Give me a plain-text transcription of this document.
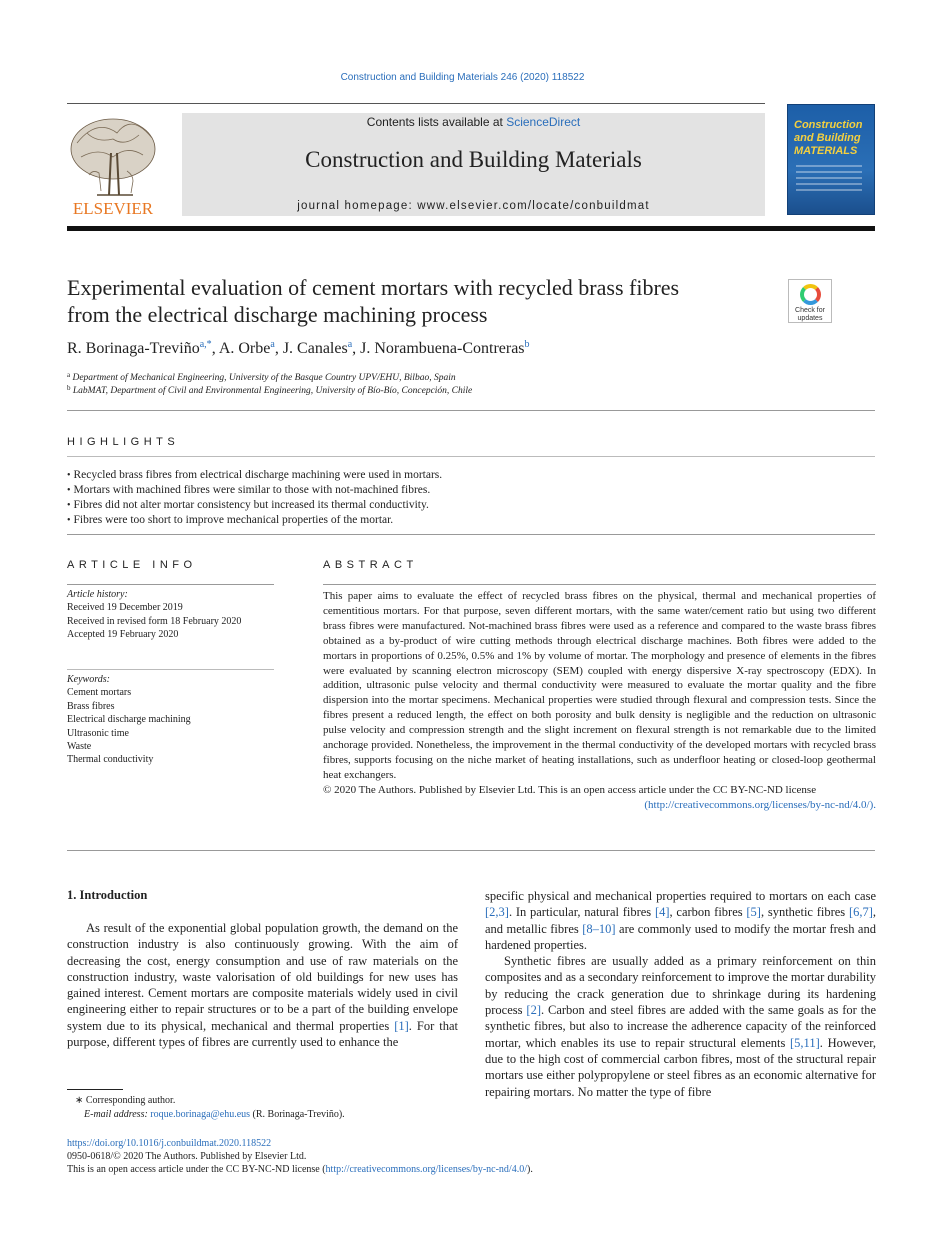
Construction and Building Materials 246 (2020) 118522
ELSEVIER
Contents lists available at ScienceDirect
Construction and Building Materials
journal homepage: www.elsevier.com/locate/conbuildmat
Construction
and Building
MATERIALS
Experimental evaluation of cement mortars with recycled brass fibres
from the electrical discharge machining process	Check for updates
R. Borinaga-Treviño$^{a,*}$, A. Orbe$^a$, J. Canales$^a$, J. Norambuena-Contreras$^b$
$^a$ Department of Mechanical Engineering, University of the Basque Country UPV/EHU, Bilbao, Spain
$^b$ LabMAT, Department of Civil and Environmental Engineering, University of Bío-Bío, Concepción, Chile
HIGHLIGHTS
• Recycled brass fibres from electrical discharge machining were used in mortars.
• Mortars with machined fibres were similar to those with not-machined fibres.
• Fibres did not alter mortar consistency but increased its thermal conductivity.
• Fibres were too short to improve mechanical properties of the mortar.
ARTICLE INFO
Article history:
Received 19 December 2019
Received in revised form 18 February 2020
Accepted 19 February 2020
Keywords:
Cement mortars
Brass fibres
Electrical discharge machining
Ultrasonic time
Waste
Thermal conductivity
ABSTRACT
This paper aims to evaluate the effect of recycled brass fibres on the physical, thermal and mechanical properties of cementitious mortars. For that purpose, seven different mortars, with the same water/cement ratio but using two different brass fibres were manufactured. Not-machined brass fibres were used as a reference and compared to the waste brass fibres obtained as a by-product of wire cutting methods through electrical discharge machines. Both fibres were added to the mortars in proportions of 0.25%, 0.5% and 1% by volume of mortar. The morphology and presence of elements in the fibres were evaluated by scanning electron microscopy (SEM) coupled with energy dispersive X-ray spectroscopy (EDX). In addition, ultrasonic pulse velocity and thermal conductivity were measured to evaluate the mortar quality and the fibre dispersion into the mortar specimens. Mechanical properties were studied through flexural and compression tests. Since the fibres present a reduced length, the effect on both porosity and bulk density is negligible and the reduction on ultrasonic pulse velocity and compression strength and the slight increment on flexural strength is not remarkable due to the limited anchorage provided. Nonetheless, the improvement in the thermal conductivity of the developed mortars with recycled brass fibres, supports focusing on the niche market of heating installations, such as underfloor heating or closed-loop geothermal heat exchangers.
© 2020 The Authors. Published by Elsevier Ltd. This is an open access article under the CC BY-NC-ND license
(http://creativecommons.org/licenses/by-nc-nd/4.0/).
1. Introduction

As result of the exponential global population growth, the demand on the construction industry is also continuously growing. With the aim of decreasing the cost, energy consumption and use of raw materials on the construction industry, waste valorisation of old buildings for new uses has gained interest. Cement mortars are composite materials widely used in civil engineering either to repair structures or to be a part of the building envelope system due to its physical, mechanical and thermal properties [1]. For that purpose, different types of fibres are currently used to enhance the

specific physical and mechanical properties required to mortars on each case [2,3]. In particular, natural fibres [4], carbon fibres [5], synthetic fibres [6,7], and metallic fibres [8–10] are commonly used to modify the mortar fresh and hardened properties.

Synthetic fibres are usually added as a primary reinforcement on thin composites and as a secondary reinforcement to improve the mortar durability by reducing the crack generation due to shrinkage during its hardening process [2]. Carbon and steel fibres are added with the same goals as for the synthetic fibres, but also to increase the adherence capacity of the reinforced mortar, which enables its use to repair structural elements [5,11]. However, due to the high cost of commercial carbon fibres, most of the structural repair mortars use either polypropylene or steel fibres as an economic alternative for repairing mortars. No matter the type of fibre

∗ Corresponding author.
E-mail address: roque.borinaga@ehu.eus (R. Borinaga-Treviño).
https://doi.org/10.1016/j.conbuildmat.2020.118522
0950-0618/© 2020 The Authors. Published by Elsevier Ltd.
This is an open access article under the CC BY-NC-ND license (http://creativecommons.org/licenses/by-nc-nd/4.0/).
